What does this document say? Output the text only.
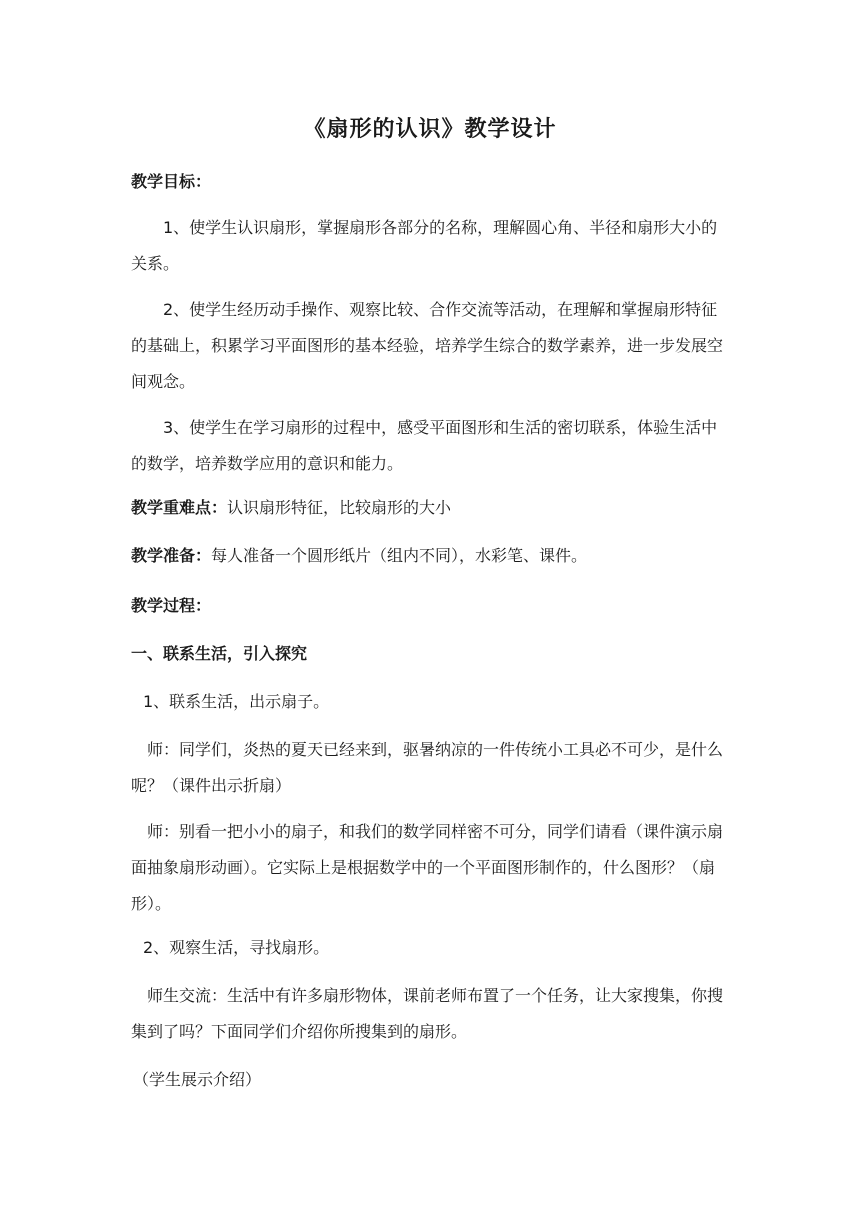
《扇形的认识》教学设计
教学目标：
1、使学生认识扇形，掌握扇形各部分的名称，理解圆心角、半径和扇形大小的关系。
2、使学生经历动手操作、观察比较、合作交流等活动，在理解和掌握扇形特征的基础上，积累学习平面图形的基本经验，培养学生综合的数学素养，进一步发展空间观念。
3、使学生在学习扇形的过程中，感受平面图形和生活的密切联系，体验生活中的数学，培养数学应用的意识和能力。
教学重难点：认识扇形特征，比较扇形的大小
教学准备：每人准备一个圆形纸片（组内不同），水彩笔、课件。
教学过程：
一、联系生活，引入探究
1、联系生活，出示扇子。
师：同学们，炎热的夏天已经来到，驱暑纳凉的一件传统小工具必不可少，是什么呢？（课件出示折扇）
师：别看一把小小的扇子，和我们的数学同样密不可分，同学们请看（课件演示扇面抽象扇形动画）。它实际上是根据数学中的一个平面图形制作的，什么图形？（扇形）。
2、观察生活，寻找扇形。
师生交流：生活中有许多扇形物体，课前老师布置了一个任务，让大家搜集，你搜集到了吗？下面同学们介绍你所搜集到的扇形。
（学生展示介绍）
